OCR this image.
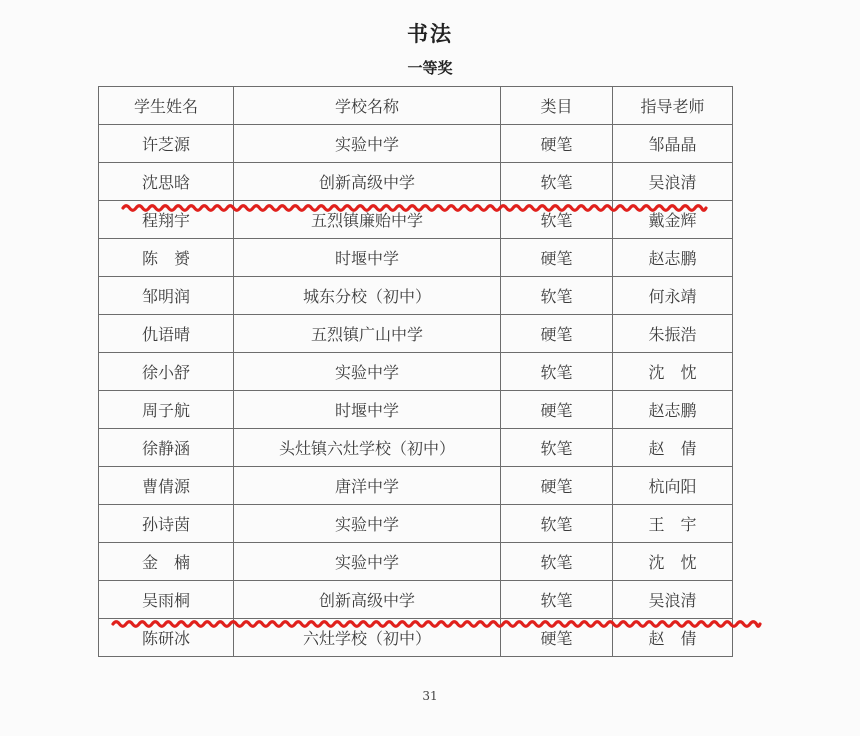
书法
一等奖
学生姓名	学校名称	类目	指导老师
许芝源	实验中学	硬笔	邹晶晶
沈思晗	创新高级中学	软笔	吴浪清
程翔宇	五烈镇廉贻中学	软笔	戴金辉
陈　赟	时堰中学	硬笔	赵志鹏
邹明润	城东分校（初中）	软笔	何永靖
仇语晴	五烈镇广山中学	硬笔	朱振浩
徐小舒	实验中学	软笔	沈　忱
周子航	时堰中学	硬笔	赵志鹏
徐静涵	头灶镇六灶学校（初中）	软笔	赵　倩
曹倩源	唐洋中学	硬笔	杭向阳
孙诗茵	实验中学	软笔	王　宇
金　楠	实验中学	软笔	沈　忱
吴雨桐	创新高级中学	软笔	吴浪清
陈研冰	六灶学校（初中）	硬笔	赵　倩
31
